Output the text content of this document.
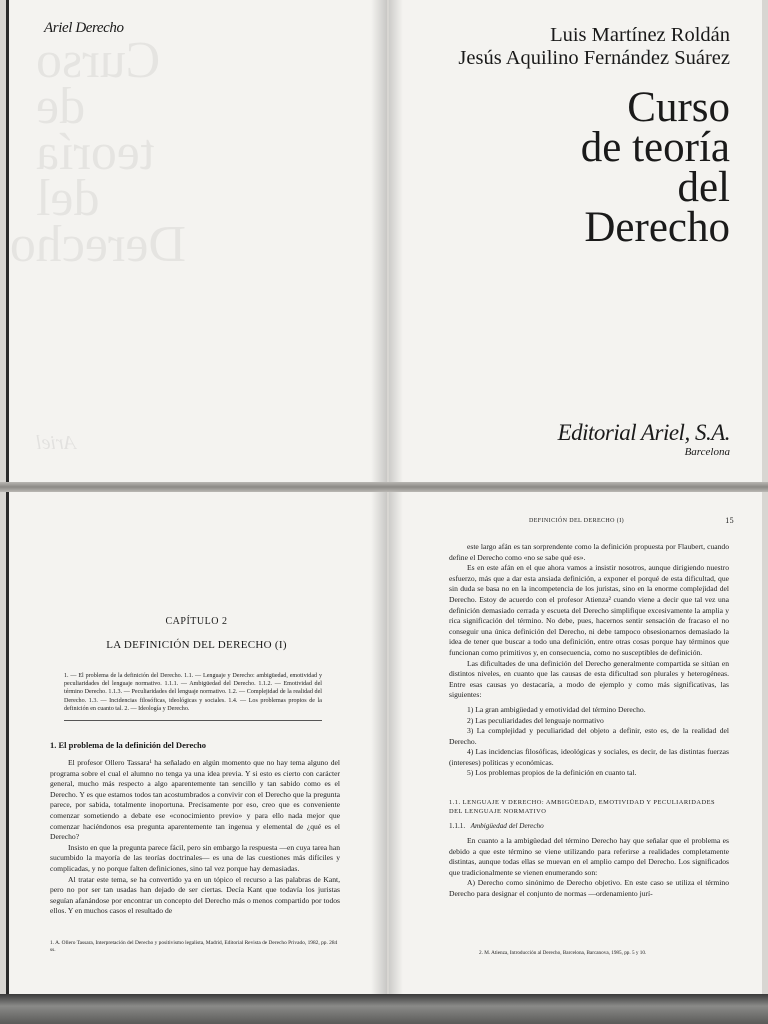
Ariel Derecho
Curso de teoría del Derecho
Ariel
Luis Martínez Roldán
Jesús Aquilino Fernández Suárez
Curso
de teoría
del
Derecho
Editorial Ariel, S.A.
Barcelona
CAPÍTULO 2
LA DEFINICIÓN DEL DERECHO (I)
1. — El problema de la definición del Derecho. 1.1. — Lenguaje y Derecho: ambigüedad, emotividad y peculiaridades del lenguaje normativo. 1.1.1. — Ambigüedad del Derecho. 1.1.2. — Emotividad del término Derecho. 1.1.3. — Peculiaridades del lenguaje normativo. 1.2. — Complejidad de la realidad del Derecho. 1.3. — Incidencias filosóficas, ideológicas y sociales. 1.4. — Los problemas propios de la definición en cuanto tal. 2. — Ideología y Derecho.
1. El problema de la definición del Derecho

El profesor Ollero Tassara¹ ha señalado en algún momento que no hay tema alguno del programa sobre el cual el alumno no tenga ya una idea previa. Y si esto es cierto con carácter general, mucho más respecto a algo aparentemente tan sencillo y tan sabido como es el Derecho. Y es que estamos todos tan acostumbrados a convivir con el Derecho que la pregunta parece, por sabida, totalmente inoportuna. Precisamente por eso, creo que es conveniente comenzar sometiendo a debate ese «conocimiento previo» y para ello nada mejor que comenzar haciéndonos esa pregunta aparentemente tan ingenua y elemental de ¿qué es el Derecho?

Insisto en que la pregunta parece fácil, pero sin embargo la respuesta —en cuya tarea han sucumbido la mayoría de las teorías doctrinales— es una de las cuestiones más difíciles y complicadas, y no porque falten definiciones, sino tal vez porque hay demasiadas.

Al tratar este tema, se ha convertido ya en un tópico el recurso a las palabras de Kant, pero no por ser tan usadas han dejado de ser ciertas. Decía Kant que todavía los juristas seguían afanándose por encontrar un concepto del Derecho más o menos compartido por todos ellos. Y en muchos casos el resultado de

1. A. Ollero Tassara, Interpretación del Derecho y positivismo legalista, Madrid, Editorial Revista de Derecho Privado, 1982, pp. 284 ss.
DEFINICIÓN DEL DERECHO (I)	15

este largo afán es tan sorprendente como la definición propuesta por Flaubert, cuando define el Derecho como «no se sabe qué es».

Es en este afán en el que ahora vamos a insistir nosotros, aunque dirigiendo nuestro esfuerzo, más que a dar esta ansiada definición, a exponer el porqué de esta dificultad, que sin duda se basa no en la incompetencia de los juristas, sino en la enorme complejidad del Derecho. Estoy de acuerdo con el profesor Atienza² cuando viene a decir que tal vez una definición demasiado cerrada y escueta del Derecho simplifique excesivamente la amplia y rica significación del término. No debe, pues, hacernos sentir sensación de fracaso el no conseguir una única definición del Derecho, ni debe tampoco obsesionarnos demasiado la idea de tener que buscar a todo una definición, entre otras cosas porque hay términos que funcionan como primitivos y, en consecuencia, como no susceptibles de definición.

Las dificultades de una definición del Derecho generalmente compartida se sitúan en distintos niveles, en cuanto que las causas de esta dificultad son plurales y heterogéneas. Entre esas causas yo destacaría, a modo de ejemplo y como más significativas, las siguientes:

1) La gran ambigüedad y emotividad del término Derecho.
2) Las peculiaridades del lenguaje normativo
3) La complejidad y peculiaridad del objeto a definir, esto es, de la realidad del Derecho.
4) Las incidencias filosóficas, ideológicas y sociales, es decir, de las distintas fuerzas (intereses) políticas y económicas.
5) Los problemas propios de la definición en cuanto tal.
1.1. LENGUAJE Y DERECHO: AMBIGÜEDAD, EMOTIVIDAD Y PECULIARIDADES DEL LENGUAJE NORMATIVO
1.1.1. Ambigüedad del Derecho

En cuanto a la ambigüedad del término Derecho hay que señalar que el problema es debido a que este término se viene utilizando para referirse a realidades completamente distintas, aunque todas ellas se muevan en el amplio campo del Derecho. Los significados que tradicionalmente se vienen enumerando son:

A) Derecho como sinónimo de Derecho objetivo. En este caso se utiliza el término Derecho para designar el conjunto de normas —ordenamiento jurí-

2. M. Atienza, Introducción al Derecho, Barcelona, Barcanova, 1985, pp. 5 y 10.
